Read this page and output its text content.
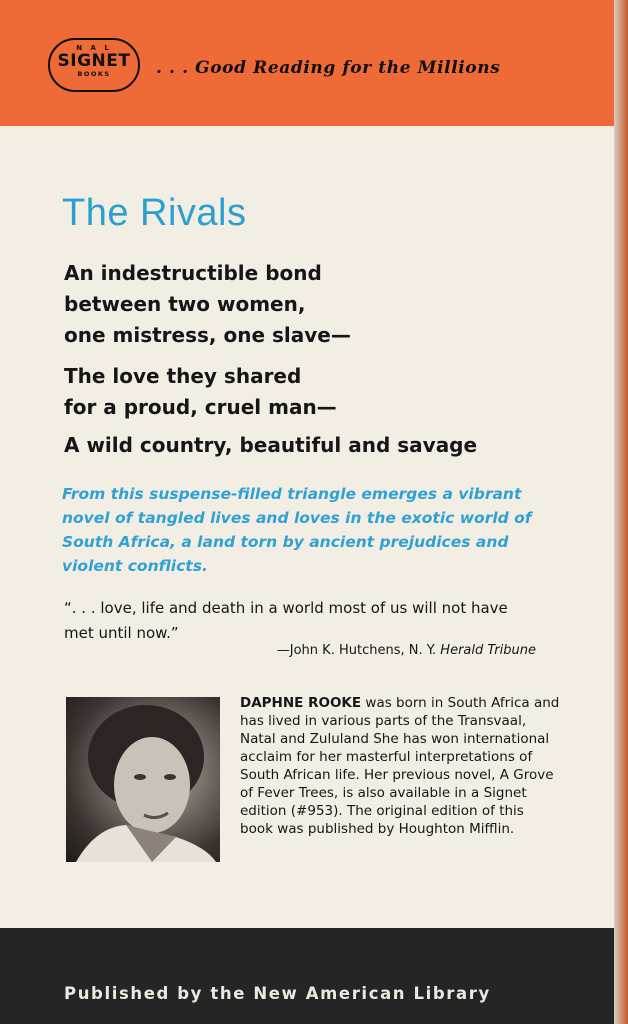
N A L
SIGNET
BOOKS	. . . Good Reading for the Millions
The Rivals

An indestructible bond
between two women,
one mistress, one slave—

The love they shared
for a proud, cruel man—

A wild country, beautiful and savage

From this suspense-filled triangle emerges a vibrant novel of tangled lives and loves in the exotic world of South Africa, a land torn by ancient prejudices and violent conflicts.

“. . . love, life and death in a world most of us will not have met until now.”

—John K. Hutchens, N. Y. Herald Tribune

DAPHNE ROOKE was born in South Africa and has lived in various parts of the Transvaal, Natal and Zululand She has won international acclaim for her masterful interpretations of South African life. Her previous novel, A Grove of Fever Trees, is also available in a Signet edition (#953). The original edition of this book was published by Houghton Mifflin.

Published by the New American Library
